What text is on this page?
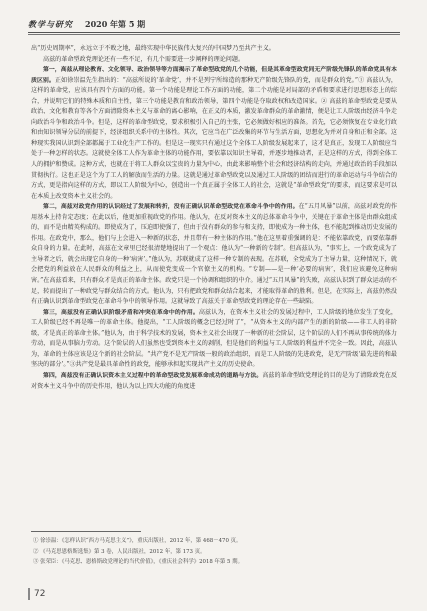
教学与研究 2020 年第 5 期

出“历史周期率”，永远立于不败之地，最终实现中华民族伟大复兴的中国梦乃至共产主义。

高兹的革命型政党理论还有一些不足，有几个需要进一步阐释的理论问题。

第一，高兹从理论教育、文化领导、政治领导等方面揭示了革命型政党的几个功能，但是其革命型政党同无产阶级先锋队的革命党具有本质区别。正如徐崇温先生指出的：“高兹所说的‘革命党’，并不是列宁所缔造的那种无产阶级先锋队的党，而是群众的党。”① 高兹认为，这样的革命党，应该具有四个方面的功能。第一个功能是理论工作方面的功能，第二个功能是对局部的矛盾和要求进行思想形态上的综合，并说明它们的特殊本质和自主性，第三个功能是教育和政治领导，第四个功能是夺取政权和改造国家。② 高兹的革命型政党是要从政治、文化和教育等各个方面清除资本主义与革命的离心影响，在正义的本质，激发革命群众的革命激情，便是让工人阶级由经济斗争走向政治斗争和政治斗争。但是，这样的革命型政党，要求积极引入自己的主张，它必须做好相应的准备。首先，它必须恢复在专业化行政和由知识领导分层的前提下，经济组织关系中的主体性。其次，它应当在广泛改集的环节与生活方面，思想化为并对自身和正和全部。这种现实我国认识到全部都属于工业化生产工作的。但是这一现实只有通过这个全体工人阶级发展起来了，这才是真正，发现工人阶级应当处于一种怎样的状态。这就使全体工人作为革命主体的功能作用，要依靠以知识主导着，并逐步地推动者，正是这样的方式，得到全体工人的拥护和赞成。这种方式，也就在于将工人群众以宝贵的力量为中心，由此来影响整个社会和经济结构的走向，并通过政治的手段加以贯彻执行。这也正是这个为了工人的解放而生活的力量。这就是通过革命型政党以及通过工人阶级的团结而进行的革命运动与斗争结合的方式，更是指向这样的方式，即以工人阶级为中心，创造出一个真正属于全体工人的社会，这就是“革命型政党”的要求，而这要求是可以在本质上改变资本主义社会的。

第二，高兹对政党作用的认识经过了发展和转折，没有正确认识革命型政党在革命斗争中的作用。在“五月风暴”以前，高兹对政党的作用基本上持肯定态度；在此以后，他更加重视政党的作用。他认为，在反对资本主义的总体革命斗争中，关键在于革命主体是由群众组成的，而不是由精英构成的。即使成为了，压迫即使强了，但由于没有群众的参与和支持，即使成为一种主体，也不能起到推动历史发展的作用。在政党中，那么，他们与上会进入一种新的状态，并且带有一种主体的作用。”他在这里着重强调的是：不能依靠政党，而要依靠群众自身的力量。在此时，高兹在文章里已经很清楚地提出了一个观点：他认为“一种新的专制”。但高兹认为，“事实上，一个政党成为了主导者之后，就会出现它自身的一种‘病害’。”他认为，苏联就成了这样一种专制的表现。在苏联，全党成为了主导力量，这种情况下，就会把党的利益放在人民群众的利益之上，从而使党变成一个官僚主义的机构。“专制——是一种‘必要的病害’，我们应该避免这种病害。”在高兹看来，只有群众才是真正的革命主体。政党只是一个协调和组织的中介。通过“五月风暴”的失败，高兹认识到了群众运动的不足，转而提出了一种政党与群众结合的方式。他认为，只有把政党和群众结合起来，才能取得革命的胜利。但是，在实际上，高兹仍然没有正确认识到革命型政党在革命斗争中的领导作用。这就导致了高兹关于革命型政党的理论存在一些缺陷。

第三，高兹没有正确认识阶级矛盾和冲突在革命中的作用。高兹认为，在资本主义社会的发展过程中，工人阶级的地位发生了变化，工人阶级已经不再是唯一的革命主体。他提出，“工人阶级的概念已经过时了”，“从资本主义的内部产生的新的阶级——非工人的非阶级，才是真正的革命主体。”他认为，由于科学技术的发展，资本主义社会出现了一种新的社会阶层，这个阶层的人们不再从事传统的体力劳动，而是从事脑力劳动。这个阶层的人们虽然也受到资本主义的剥削，但是他们的利益与工人阶级的利益并不完全一致。因此，高兹认为，革命的主体应该是这个新的社会阶层。“共产党不是无产阶级一般的政治组织，而是工人阶级的先进政党，是无产阶级‘最先进的和最坚决的部分’。”③共产党是最具革命性的政党，能够承担起实现共产主义的历史使命。

第四，高兹没有正确认识资本主义过程中的革命型政党发展革命成功的道路与方法。高兹的革命型政党理论的目的是为了清除政党在反对资本主义斗争中的历史作用，他认为以上四大功能的角度进

① 徐崇温：《怎样认识“西方马克思主义”》，重庆出版社，2012 年，第 468－470 页。
② 《马克思恩格斯选集》第 3 卷，人民出版社，2012 年，第 173 页。
③ 张荣臣：《马克思、恩格斯政党理论的当代价值》，《重庆社会科学》2018 年第 5 期。
72
